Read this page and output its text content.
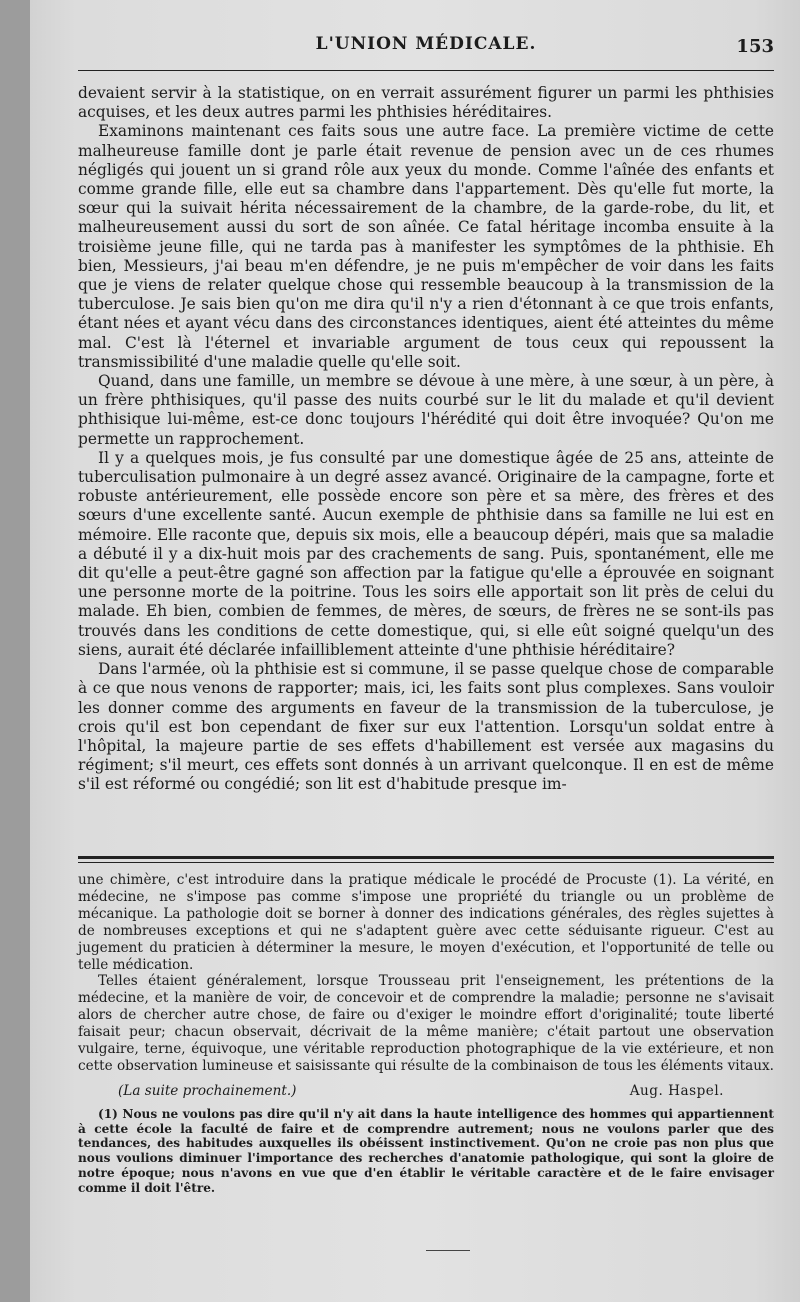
L'UNION MÉDICALE.	153

devaient servir à la statistique, on en verrait assurément figurer un parmi les phthisies acquises, et les deux autres parmi les phthisies héréditaires.

Examinons maintenant ces faits sous une autre face. La première victime de cette malheureuse famille dont je parle était revenue de pension avec un de ces rhumes négligés qui jouent un si grand rôle aux yeux du monde. Comme l'aînée des enfants et comme grande fille, elle eut sa chambre dans l'appartement. Dès qu'elle fut morte, la sœur qui la suivait hérita nécessairement de la chambre, de la garde-robe, du lit, et malheureusement aussi du sort de son aînée. Ce fatal héritage incomba ensuite à la troisième jeune fille, qui ne tarda pas à manifester les symptômes de la phthisie. Eh bien, Messieurs, j'ai beau m'en défendre, je ne puis m'empêcher de voir dans les faits que je viens de relater quelque chose qui ressemble beaucoup à la transmission de la tuberculose. Je sais bien qu'on me dira qu'il n'y a rien d'étonnant à ce que trois enfants, étant nées et ayant vécu dans des circonstances identiques, aient été atteintes du même mal. C'est là l'éternel et invariable argument de tous ceux qui repoussent la transmissibilité d'une maladie quelle qu'elle soit.

Quand, dans une famille, un membre se dévoue à une mère, à une sœur, à un père, à un frère phthisiques, qu'il passe des nuits courbé sur le lit du malade et qu'il devient phthisique lui-même, est-ce donc toujours l'hérédité qui doit être invoquée? Qu'on me permette un rapprochement.

Il y a quelques mois, je fus consulté par une domestique âgée de 25 ans, atteinte de tuberculisation pulmonaire à un degré assez avancé. Originaire de la campagne, forte et robuste antérieurement, elle possède encore son père et sa mère, des frères et des sœurs d'une excellente santé. Aucun exemple de phthisie dans sa famille ne lui est en mémoire. Elle raconte que, depuis six mois, elle a beaucoup dépéri, mais que sa maladie a débuté il y a dix-huit mois par des crachements de sang. Puis, spontanément, elle me dit qu'elle a peut-être gagné son affection par la fatigue qu'elle a éprouvée en soignant une personne morte de la poitrine. Tous les soirs elle apportait son lit près de celui du malade. Eh bien, combien de femmes, de mères, de sœurs, de frères ne se sont-ils pas trouvés dans les conditions de cette domestique, qui, si elle eût soigné quelqu'un des siens, aurait été déclarée infailliblement atteinte d'une phthisie héréditaire?

Dans l'armée, où la phthisie est si commune, il se passe quelque chose de comparable à ce que nous venons de rapporter; mais, ici, les faits sont plus complexes. Sans vouloir les donner comme des arguments en faveur de la transmission de la tuberculose, je crois qu'il est bon cependant de fixer sur eux l'attention. Lorsqu'un soldat entre à l'hôpital, la majeure partie de ses effets d'habillement est versée aux magasins du régiment; s'il meurt, ces effets sont donnés à un arrivant quelconque. Il en est de même s'il est réformé ou congédié; son lit est d'habitude presque im-

une chimère, c'est introduire dans la pratique médicale le procédé de Procuste (1). La vérité, en médecine, ne s'impose pas comme s'impose une propriété du triangle ou un problème de mécanique. La pathologie doit se borner à donner des indications générales, des règles sujettes à de nombreuses exceptions et qui ne s'adaptent guère avec cette séduisante rigueur. C'est au jugement du praticien à déterminer la mesure, le moyen d'exécution, et l'opportunité de telle ou telle médication.

Telles étaient généralement, lorsque Trousseau prit l'enseignement, les prétentions de la médecine, et la manière de voir, de concevoir et de comprendre la maladie; personne ne s'avisait alors de chercher autre chose, de faire ou d'exiger le moindre effort d'originalité; toute liberté faisait peur; chacun observait, décrivait de la même manière; c'était partout une observation vulgaire, terne, équivoque, une véritable reproduction photographique de la vie extérieure, et non cette observation lumineuse et saisissante qui résulte de la combinaison de tous les éléments vitaux.

(La suite prochainement.)	Aug. Haspel.

(1) Nous ne voulons pas dire qu'il n'y ait dans la haute intelligence des hommes qui appartiennent à cette école la faculté de faire et de comprendre autrement; nous ne voulons parler que des tendances, des habitudes auxquelles ils obéissent instinctivement. Qu'on ne croie pas non plus que nous voulions diminuer l'importance des recherches d'anatomie pathologique, qui sont la gloire de notre époque; nous n'avons en vue que d'en établir le véritable caractère et de le faire envisager comme il doit l'être.
